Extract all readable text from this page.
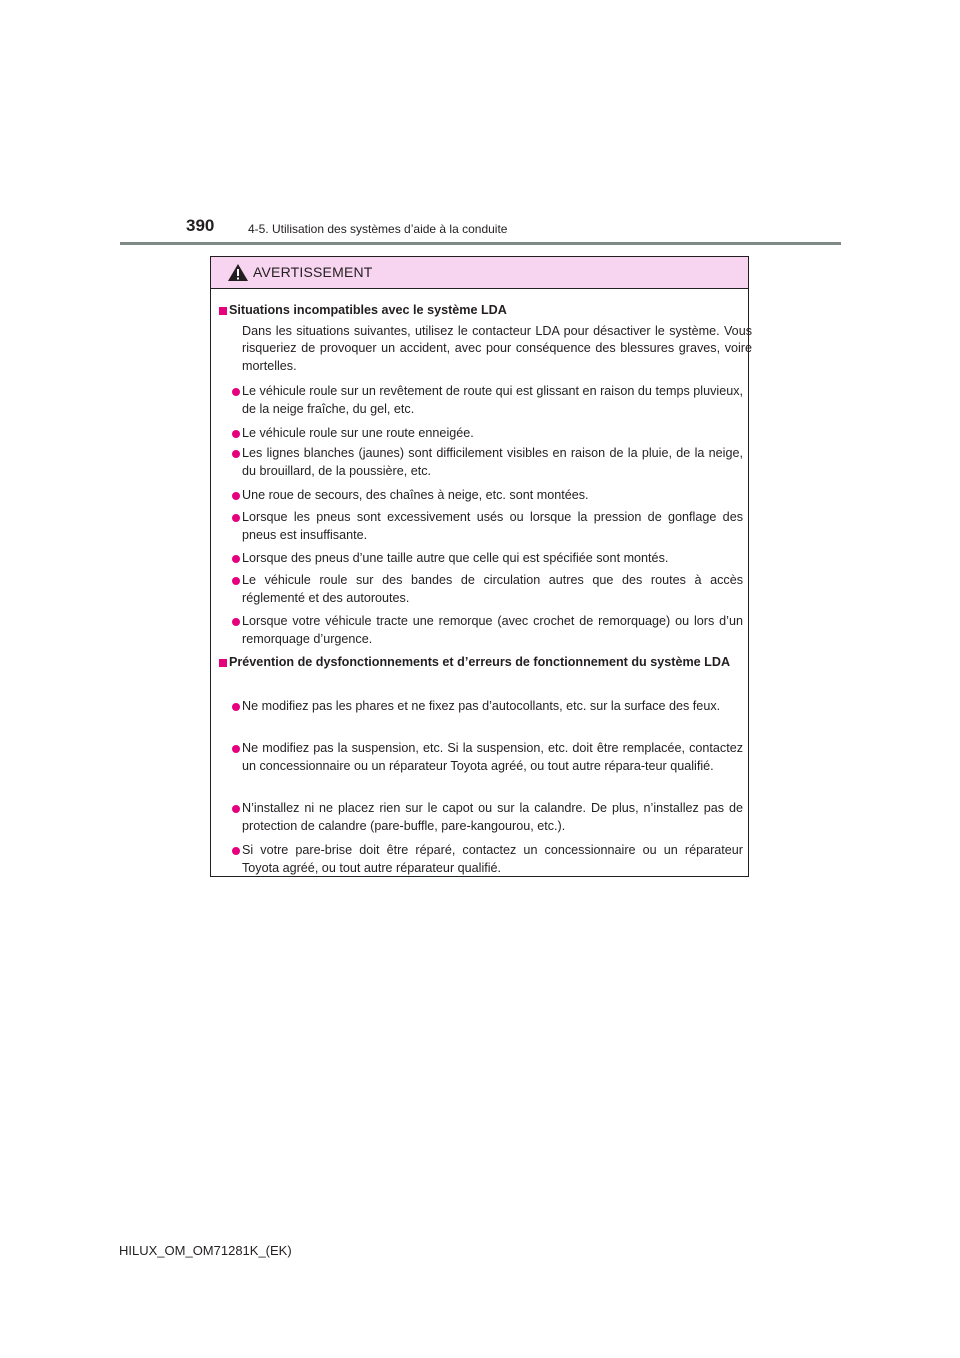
390	4-5. Utilisation des systèmes d’aide à la conduite
AVERTISSEMENT
Situations incompatibles avec le système LDA
Dans les situations suivantes, utilisez le contacteur LDA pour désactiver le système. Vous risqueriez de provoquer un accident, avec pour conséquence des blessures graves, voire mortelles.
Le véhicule roule sur un revêtement de route qui est glissant en raison du temps pluvieux, de la neige fraîche, du gel, etc.
Le véhicule roule sur une route enneigée.
Les lignes blanches (jaunes) sont difficilement visibles en raison de la pluie, de la neige, du brouillard, de la poussière, etc.
Une roue de secours, des chaînes à neige, etc. sont montées.
Lorsque les pneus sont excessivement usés ou lorsque la pression de gonflage des pneus est insuffisante.
Lorsque des pneus d’une taille autre que celle qui est spécifiée sont montés.
Le véhicule roule sur des bandes de circulation autres que des routes à accès réglementé et des autoroutes.
Lorsque votre véhicule tracte une remorque (avec crochet de remorquage) ou lors d’un remorquage d’urgence.
Prévention de dysfonctionnements et d’erreurs de fonctionnement du système LDA
Ne modifiez pas les phares et ne fixez pas d’autocollants, etc. sur la surface des feux.
Ne modifiez pas la suspension, etc. Si la suspension, etc. doit être remplacée, contactez un concessionnaire ou un réparateur Toyota agréé, ou tout autre répara-teur qualifié.
N’installez ni ne placez rien sur le capot ou sur la calandre. De plus, n’installez pas de protection de calandre (pare-buffle, pare-kangourou, etc.).
Si votre pare-brise doit être réparé, contactez un concessionnaire ou un réparateur Toyota agréé, ou tout autre réparateur qualifié.
HILUX_OM_OM71281K_(EK)
